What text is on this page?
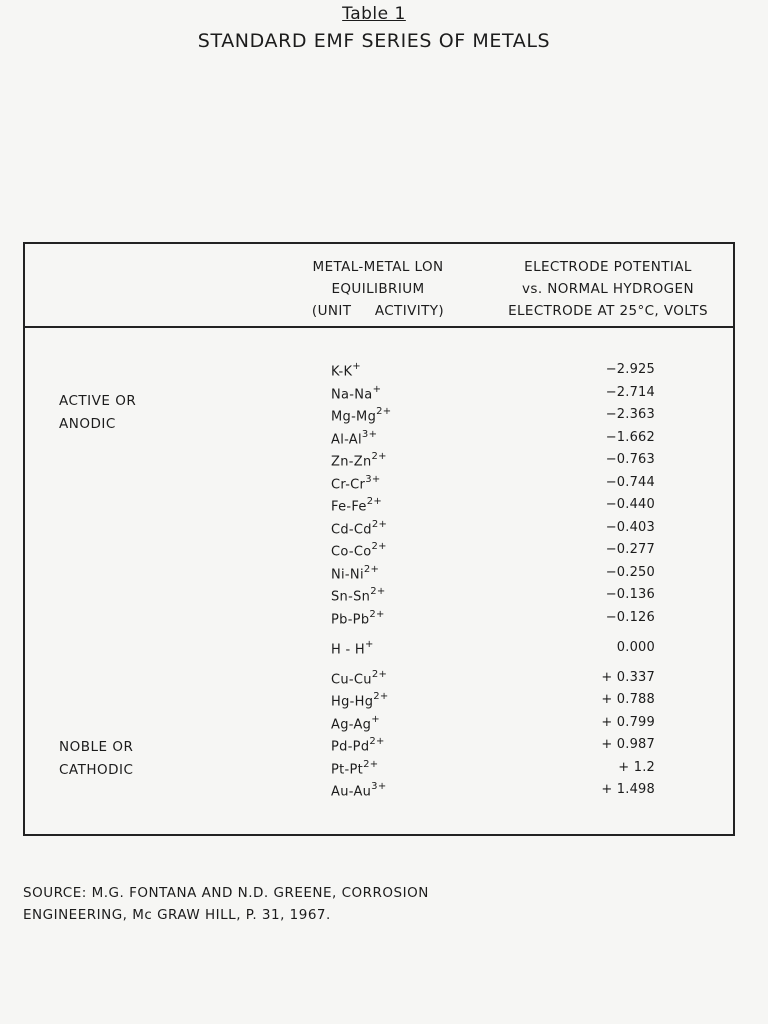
Table 1
STANDARD EMF SERIES OF METALS
METAL-METAL LON
EQUILIBRIUM
(UNIT     ACTIVITY)
ELECTRODE POTENTIAL
vs. NORMAL HYDROGEN
ELECTRODE AT 25°C, VOLTS
ACTIVE OR
ANODIC
NOBLE OR
CATHODIC
K-K+	−2.925
Na-Na+	−2.714
$Mg-Mg^{2+}$	−2.363
$Al-Al^{3+}$	−1.662
$Zn-Zn^{2+}$	−0.763
$Cr-Cr^{3+}$	−0.744
$Fe-Fe^{2+}$	−0.440
$Cd-Cd^{2+}$	−0.403
$Co-Co^{2+}$	−0.277
$Ni-Ni^{2+}$	−0.250
$Sn-Sn^{2+}$	−0.136
$Pb-Pb^{2+}$	−0.126
H - H+	0.000
$Cu-Cu^{2+}$	+ 0.337
$Hg-Hg^{2+}$	+ 0.788
Ag-Ag+	+ 0.799
$Pd-Pd^{2+}$	+ 0.987
$Pt-Pt^{2+}$	+ 1.2
$Au-Au^{3+}$	+ 1.498
SOURCE: M.G. FONTANA AND N.D. GREENE, CORROSION
ENGINEERING, Mc GRAW HILL, P. 31, 1967.
